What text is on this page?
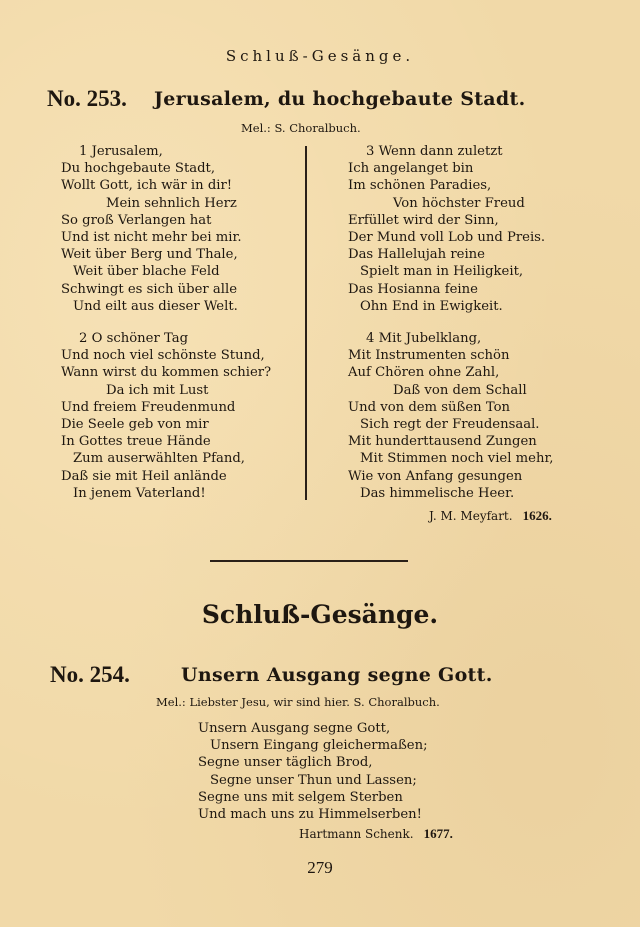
Schluß-Gesänge.
No. 253. Jerusalem, du hochgebaute Stadt.
Mel.: S. Choralbuch.
1 Jerusalem,
Du hochgebaute Stadt,
Wollt Gott, ich wär in dir!
Mein sehnlich Herz
So groß Verlangen hat
Und ist nicht mehr bei mir.
Weit über Berg und Thale,
Weit über blache Feld
Schwingt es sich über alle
Und eilt aus dieser Welt.
2 O schöner Tag
Und noch viel schönste Stund,
Wann wirst du kommen schier?
Da ich mit Lust
Und freiem Freudenmund
Die Seele geb von mir
In Gottes treue Hände
Zum auserwählten Pfand,
Daß sie mit Heil anlände
In jenem Vaterland!
3 Wenn dann zuletzt
Ich angelanget bin
Im schönen Paradies,
Von höchster Freud
Erfüllet wird der Sinn,
Der Mund voll Lob und Preis.
Das Hallelujah reine
Spielt man in Heiligkeit,
Das Hosianna feine
Ohn End in Ewigkeit.
4 Mit Jubelklang,
Mit Instrumenten schön
Auf Chören ohne Zahl,
Daß von dem Schall
Und von dem süßen Ton
Sich regt der Freudensaal.
Mit hunderttausend Zungen
Mit Stimmen noch viel mehr,
Wie von Anfang gesungen
Das himmelische Heer.
J. M. Meyfart. 1626.
Schluß-Gesänge.
No. 254.	Unsern Ausgang segne Gott.
Mel.: Liebster Jesu, wir sind hier. S. Choralbuch.
Unsern Ausgang segne Gott,
Unsern Eingang gleichermaßen;
Segne unser täglich Brod,
Segne unser Thun und Lassen;
Segne uns mit selgem Sterben
Und mach uns zu Himmelserben!
Hartmann Schenk. 1677.
279
